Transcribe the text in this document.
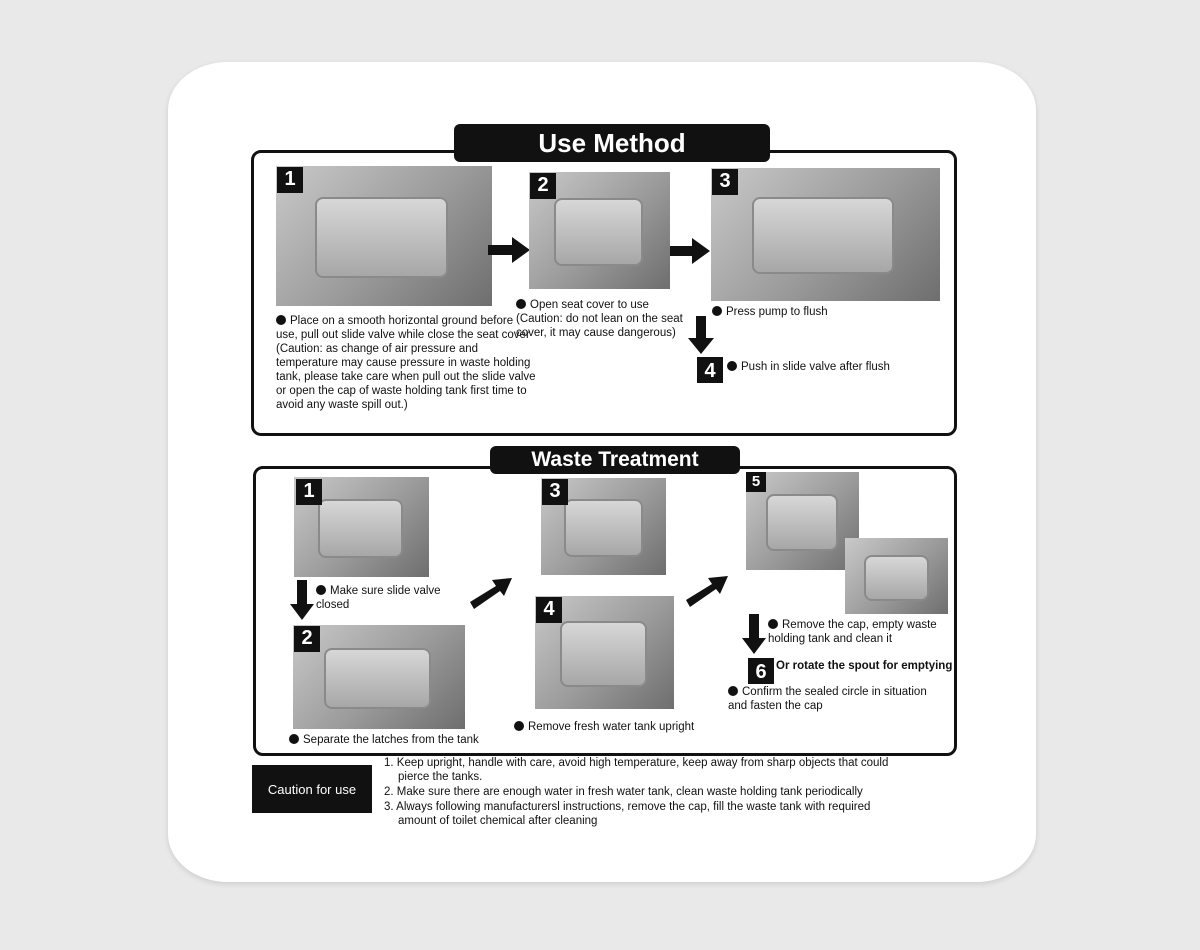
Use Method
1
Place on a smooth horizontal ground before use, pull out slide valve while close the seat cover (Caution: as change of air pressure and temperature may cause pressure in waste holding tank, please take care when pull out the slide valve or open the cap of waste holding tank first time to avoid any waste spill out.)
2
Open seat cover to use (Caution: do not lean on the seat cover, it may cause dangerous)
3
Press pump to flush
4	Push in slide valve after flush
Waste Treatment
1
Make sure slide valve closed
2
Separate the latches from the tank
3
4
Remove fresh water tank upright
5
Remove the cap, empty waste holding tank and clean it
6 Or rotate the spout for emptying
Confirm the sealed circle in situation and fasten the cap
Caution for use
1. Keep upright, handle with care, avoid high temperature, keep away from sharp objects that could
pierce the tanks.
2. Make sure there are enough water in fresh water tank, clean waste holding tank periodically
3. Always following manufacturersl instructions, remove the cap, fill the waste tank with required
amount of toilet chemical after cleaning
